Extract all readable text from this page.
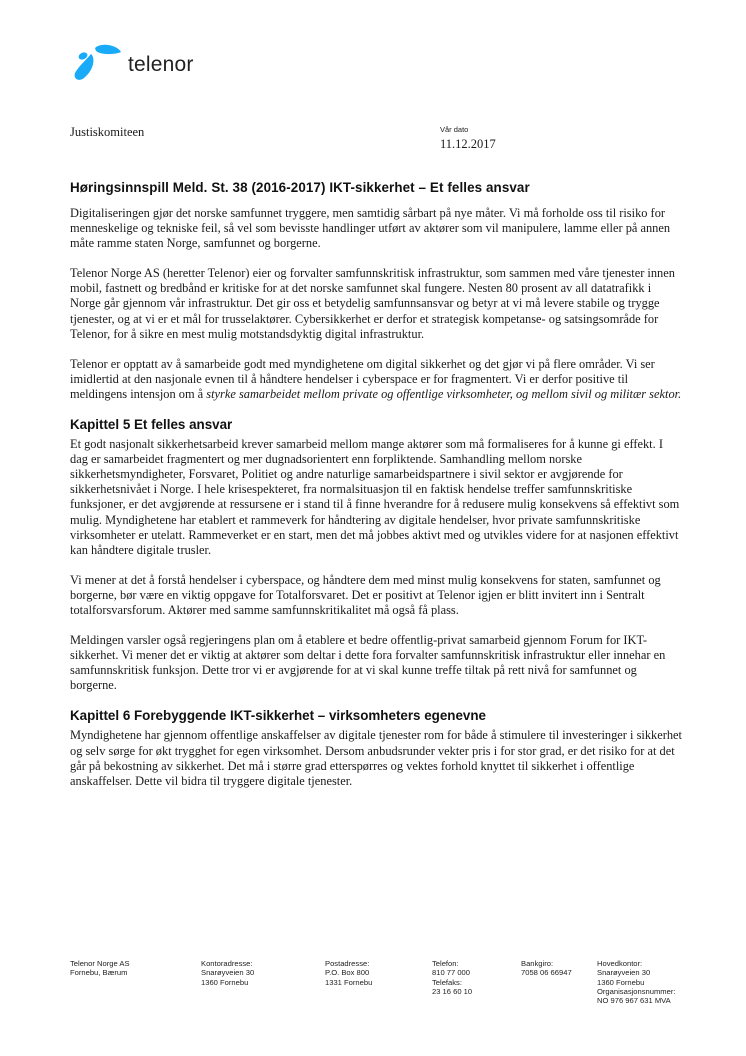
telenor
Justiskomiteen	Vår dato
11.12.2017
Høringsinnspill Meld. St. 38 (2016-2017) IKT-sikkerhet – Et felles ansvar

Digitaliseringen gjør det norske samfunnet tryggere, men samtidig sårbart på nye måter. Vi må forholde oss til risiko for menneskelige og tekniske feil, så vel som bevisste handlinger utført av aktører som vil manipulere, lamme eller på annen måte ramme staten Norge, samfunnet og borgerne.

Telenor Norge AS (heretter Telenor) eier og forvalter samfunnskritisk infrastruktur, som sammen med våre tjenester innen mobil, fastnett og bredbånd er kritiske for at det norske samfunnet skal fungere. Nesten 80 prosent av all datatrafikk i Norge går gjennom vår infrastruktur. Det gir oss et betydelig samfunnsansvar og betyr at vi må levere stabile og trygge tjenester, og at vi er et mål for trusselaktører. Cybersikkerhet er derfor et strategisk kompetanse- og satsingsområde for Telenor, for å sikre en mest mulig motstandsdyktig digital infrastruktur.

Telenor er opptatt av å samarbeide godt med myndighetene om digital sikkerhet og det gjør vi på flere områder. Vi ser imidlertid at den nasjonale evnen til å håndtere hendelser i cyberspace er for fragmentert. Vi er derfor positive til meldingens intensjon om å styrke samarbeidet mellom private og offentlige virksomheter, og mellom sivil og militær sektor.

Kapittel 5 Et felles ansvar

Et godt nasjonalt sikkerhetsarbeid krever samarbeid mellom mange aktører som må formaliseres for å kunne gi effekt. I dag er samarbeidet fragmentert og mer dugnadsorientert enn forpliktende. Samhandling mellom norske sikkerhetsmyndigheter, Forsvaret, Politiet og andre naturlige samarbeidspartnere i sivil sektor er avgjørende for sikkerhetsnivået i Norge. I hele krisespekteret, fra normalsituasjon til en faktisk hendelse treffer samfunnskritiske funksjoner, er det avgjørende at ressursene er i stand til å finne hverandre for å redusere mulig konsekvens så effektivt som mulig. Myndighetene har etablert et rammeverk for håndtering av digitale hendelser, hvor private samfunnskritiske virksomheter er utelatt. Rammeverket er en start, men det må jobbes aktivt med og utvikles videre for at nasjonen effektivt kan håndtere digitale trusler.

Vi mener at det å forstå hendelser i cyberspace, og håndtere dem med minst mulig konsekvens for staten, samfunnet og borgerne, bør være en viktig oppgave for Totalforsvaret. Det er positivt at Telenor igjen er blitt invitert inn i Sentralt totalforsvarsforum. Aktører med samme samfunnskritikalitet må også få plass.

Meldingen varsler også regjeringens plan om å etablere et bedre offentlig-privat samarbeid gjennom Forum for IKT-sikkerhet. Vi mener det er viktig at aktører som deltar i dette fora forvalter samfunnskritisk infrastruktur eller innehar en samfunnskritisk funksjon. Dette tror vi er avgjørende for at vi skal kunne treffe tiltak på rett nivå for samfunnet og borgerne.

Kapittel 6 Forebyggende IKT-sikkerhet – virksomheters egenevne

Myndighetene har gjennom offentlige anskaffelser av digitale tjenester rom for både å stimulere til investeringer i sikkerhet og selv sørge for økt trygghet for egen virksomhet. Dersom anbudsrunder vekter pris i for stor grad, er det risiko for at det går på bekostning av sikkerhet. Det må i større grad etterspørres og vektes forhold knyttet til sikkerhet i offentlige anskaffelser. Dette vil bidra til tryggere digitale tjenester.

Telenor Norge AS
Fornebu, Bærum
Kontoradresse:
Snarøyveien 30
1360 Fornebu
Postadresse:
P.O. Box 800
1331 Fornebu
Telefon:
810 77 000
Telefaks:
23 16 60 10
Bankgiro:
7058 06 66947
Hovedkontor:
Snarøyveien 30
1360 Fornebu
Organisasjonsnummer:
NO 976 967 631 MVA
